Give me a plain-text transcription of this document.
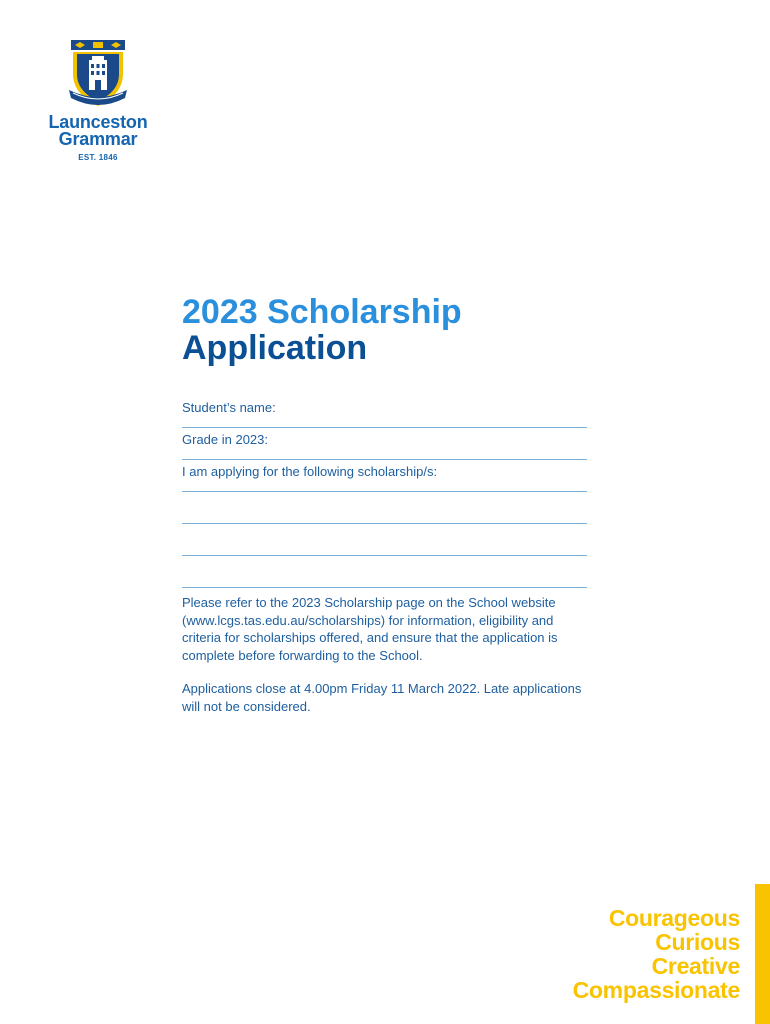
Launceston
Grammar
EST. 1846
2023 Scholarship
Application
Student’s name:
Grade in 2023:
I am applying for the following scholarship/s:

Please refer to the 2023 Scholarship page on the School website (www.lcgs.tas.edu.au/scholarships) for information, eligibility and criteria for scholarships offered, and ensure that the application is complete before forwarding to the School.

Applications close at 4.00pm Friday 11 March 2022. Late applications will not be considered.

Courageous
Curious
Creative
Compassionate
